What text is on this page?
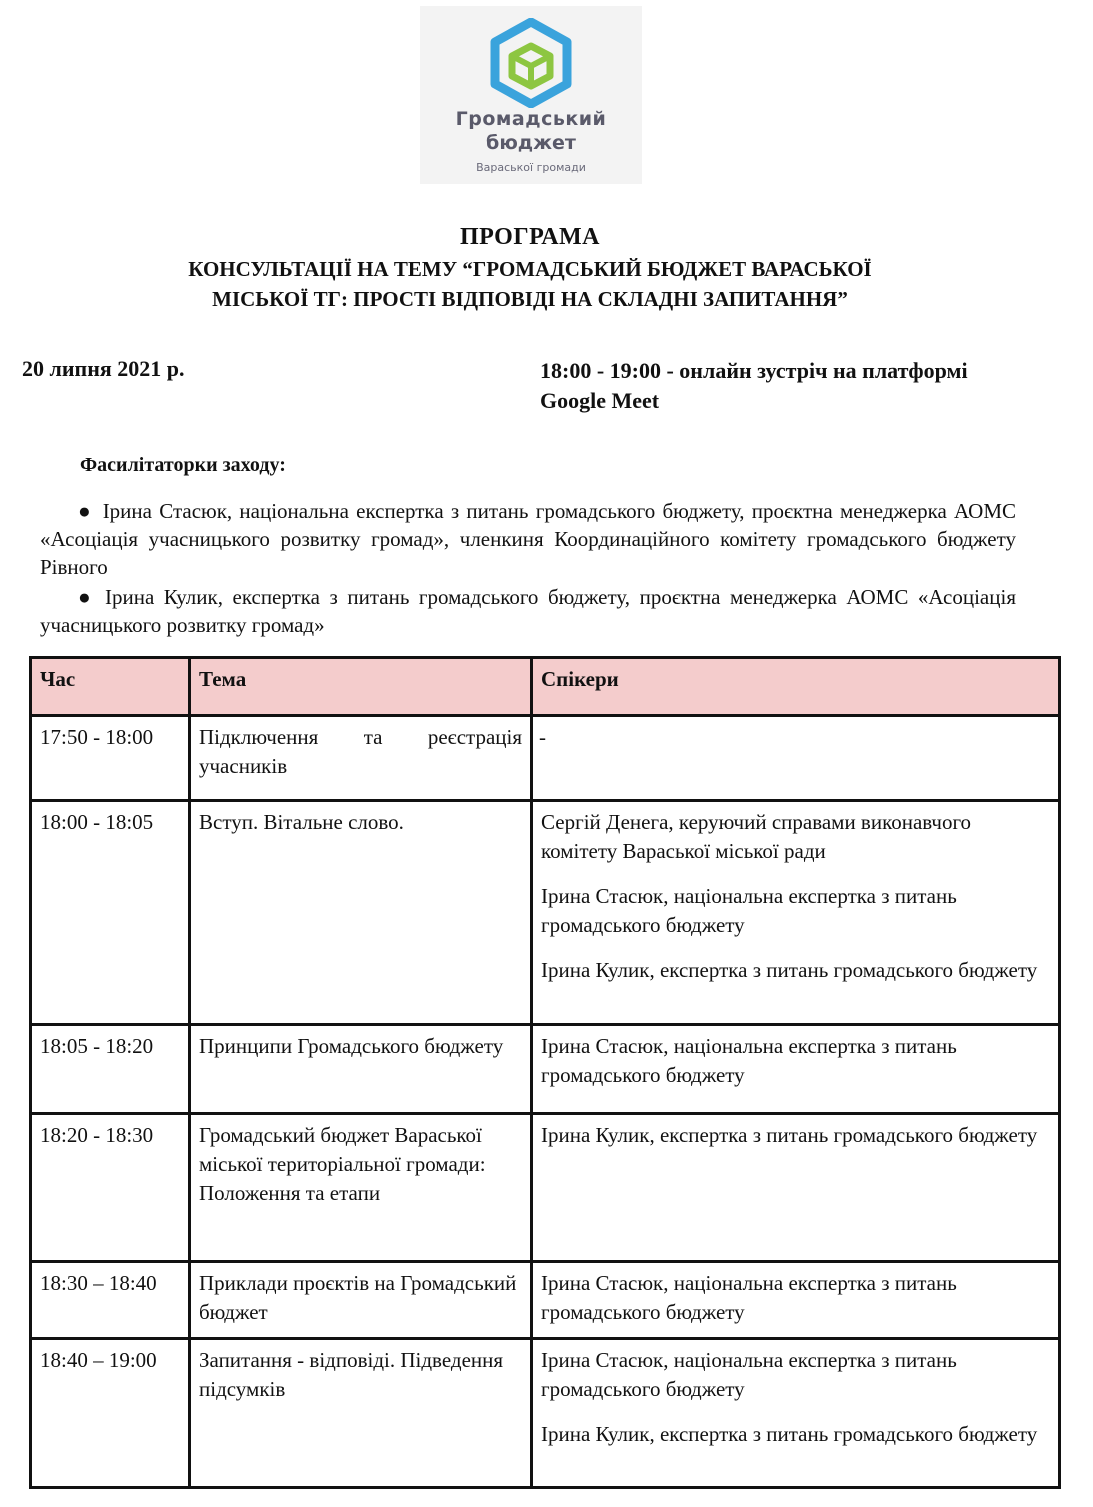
Громадський
бюджет
Вараської громади
ПРОГРАМА
КОНСУЛЬТАЦІЇ НА ТЕМУ “ГРОМАДСЬКИЙ БЮДЖЕТ ВАРАСЬКОЇ
МІСЬКОЇ ТГ: ПРОСТІ ВІДПОВІДІ НА СКЛАДНІ ЗАПИТАННЯ”
20 липня 2021 р.	18:00 - 19:00 - онлайн зустріч на платформі
Google Meet
Фасилітаторки заходу:
● Ірина Стасюк, національна експертка з питань громадського бюджету, проєктна менеджерка АОМС «Асоціація учасницького розвитку громад», членкиня Координаційного комітету громадського бюджету Рівного
● Ірина Кулик, експертка з питань громадського бюджету, проєктна менеджерка АОМС «Асоціація учасницького розвитку громад»
Час	Тема	Спікери
17:50 - 18:00	Підключення та реєстрація учасників	-

18:00 - 18:05	Вступ. Вітальне слово.	Сергій Денега, керуючий справами виконавчого комітету Вараської міської ради
Ірина Стасюк, національна експертка з питань громадського бюджету
Ірина Кулик, експертка з питань громадського бюджету

18:05 - 18:20	Принципи Громадського бюджету	Ірина Стасюк, національна експертка з питань громадського бюджету

18:20 - 18:30	Громадський бюджет Вараської міської територіальної громади: Положення та етапи	Ірина Кулик, експертка з питань громадського бюджету

18:30 – 18:40	Приклади проєктів на Громадський бюджет	Ірина Стасюк, національна експертка з питань громадського бюджету

18:40 – 19:00	Запитання - відповіді. Підведення підсумків	Ірина Стасюк, національна експертка з питань громадського бюджету
Ірина Кулик, експертка з питань громадського бюджету
